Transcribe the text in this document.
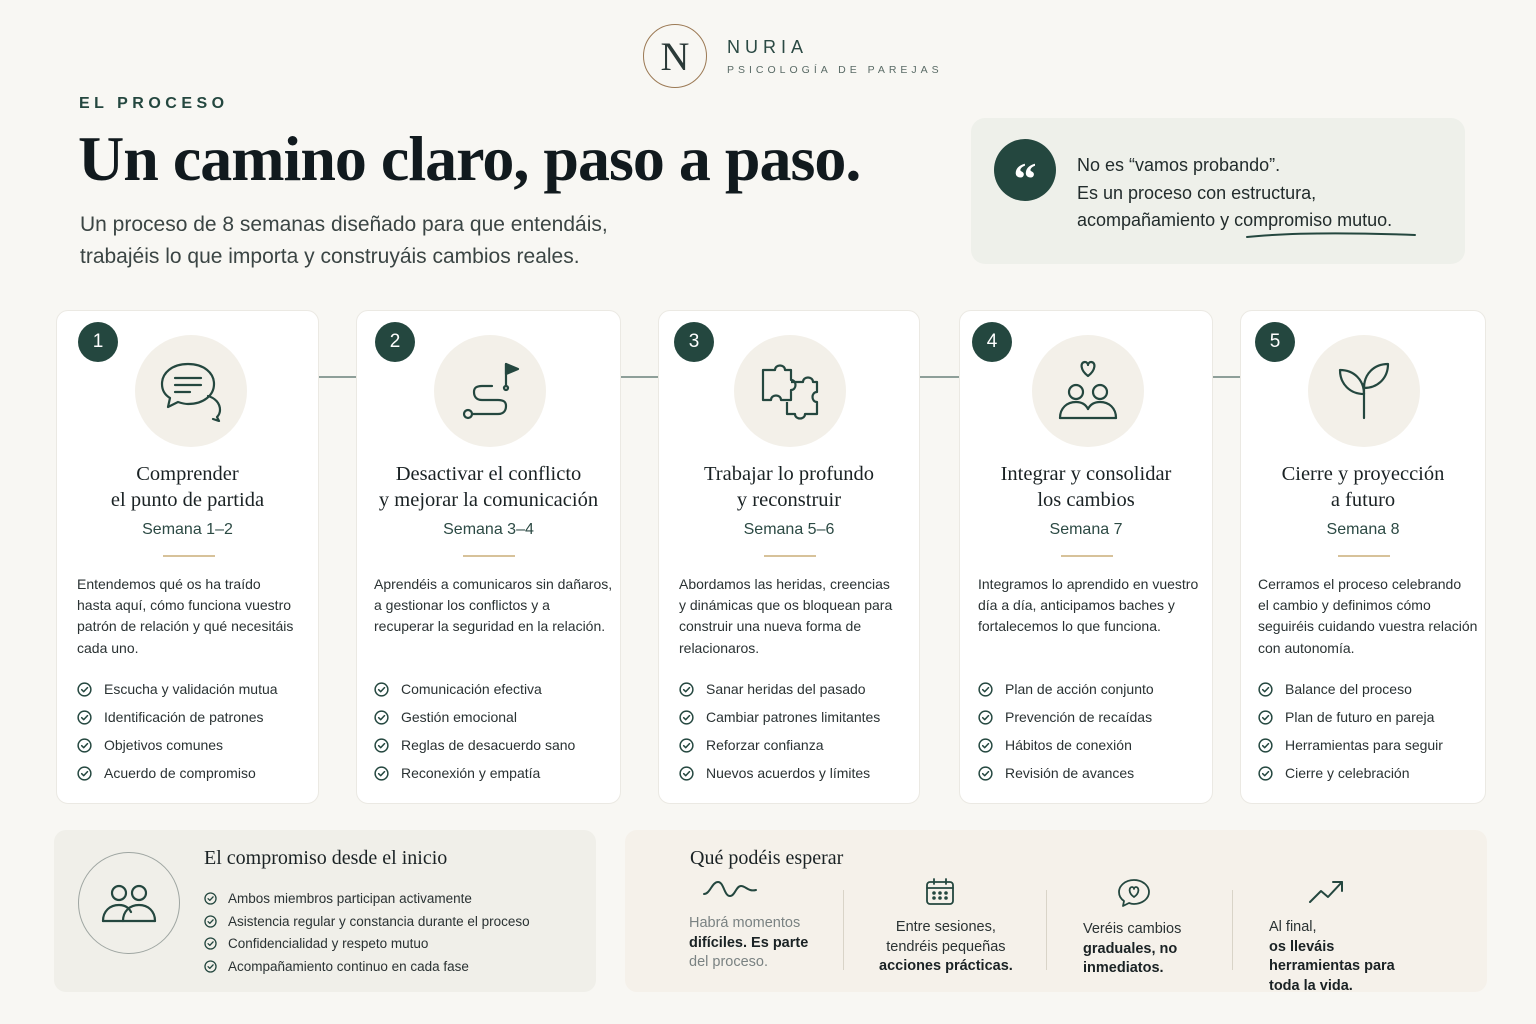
N	NURIA
PSICOLOGÍA DE PAREJAS
EL PROCESO
Un camino claro, paso a paso.

Un proceso de 8 semanas diseñado para que entendáis,
trabajéis lo que importa y construyáis cambios reales.

“	No es “vamos probando”.
Es un proceso con estructura,
acompañamiento y compromiso mutuo.
1
Comprender
el punto de partida
Semana 1–2
Entendemos qué os ha traído
hasta aquí, cómo funciona vuestro
patrón de relación y qué necesitáis
cada uno.
Escucha y validación mutua
Identificación de patrones
Objetivos comunes
Acuerdo de compromiso
2
Desactivar el conflicto
y mejorar la comunicación
Semana 3–4
Aprendéis a comunicaros sin dañaros,
a gestionar los conflictos y a
recuperar la seguridad en la relación.
Comunicación efectiva
Gestión emocional
Reglas de desacuerdo sano
Reconexión y empatía
3
Trabajar lo profundo
y reconstruir
Semana 5–6
Abordamos las heridas, creencias
y dinámicas que os bloquean para
construir una nueva forma de
relacionaros.
Sanar heridas del pasado
Cambiar patrones limitantes
Reforzar confianza
Nuevos acuerdos y límites
4
Integrar y consolidar
los cambios
Semana 7
Integramos lo aprendido en vuestro
día a día, anticipamos baches y
fortalecemos lo que funciona.
Plan de acción conjunto
Prevención de recaídas
Hábitos de conexión
Revisión de avances
5
Cierre y proyección
a futuro
Semana 8
Cerramos el proceso celebrando
el cambio y definimos cómo
seguiréis cuidando vuestra relación
con autonomía.
Balance del proceso
Plan de futuro en pareja
Herramientas para seguir
Cierre y celebración
El compromiso desde el inicio
Ambos miembros participan activamente
Asistencia regular y constancia durante el proceso
Confidencialidad y respeto mutuo
Acompañamiento continuo en cada fase
Qué podéis esperar
Habrá momentos
difíciles. Es parte
del proceso.
Entre sesiones,
tendréis pequeñas
acciones prácticas.
Veréis cambios
graduales, no
inmediatos.
Al final,
os lleváis
herramientas para
toda la vida.
